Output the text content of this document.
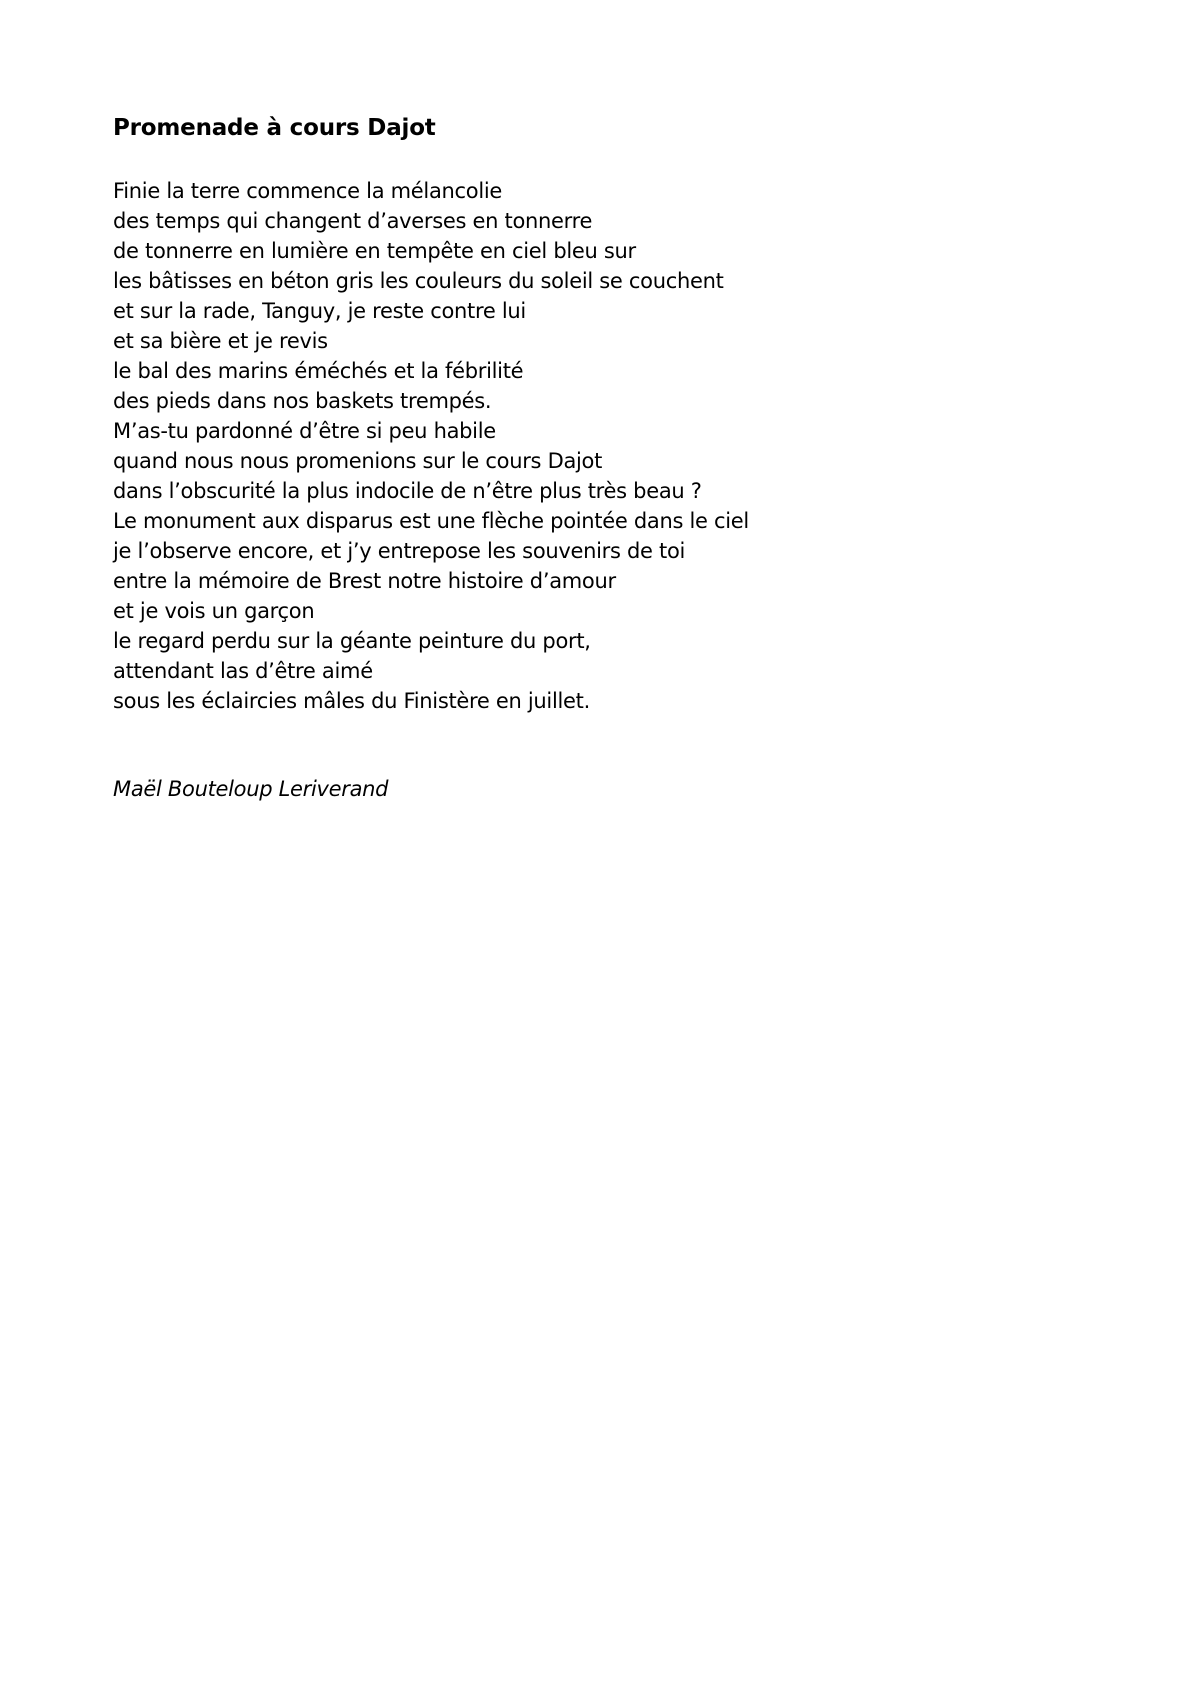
Promenade à cours Dajot
Finie la terre commence la mélancolie
des temps qui changent d’averses en tonnerre
de tonnerre en lumière en tempête en ciel bleu sur
les bâtisses en béton gris les couleurs du soleil se couchent
et sur la rade, Tanguy, je reste contre lui
et sa bière et je revis
le bal des marins éméchés et la fébrilité
des pieds dans nos baskets trempés.
M’as-tu pardonné d’être si peu habile
quand nous nous promenions sur le cours Dajot
dans l’obscurité la plus indocile de n’être plus très beau ?
Le monument aux disparus est une flèche pointée dans le ciel
je l’observe encore, et j’y entrepose les souvenirs de toi
entre la mémoire de Brest notre histoire d’amour
et je vois un garçon
le regard perdu sur la géante peinture du port,
attendant las d’être aimé
sous les éclaircies mâles du Finistère en juillet.

Maël Bouteloup Leriverand
